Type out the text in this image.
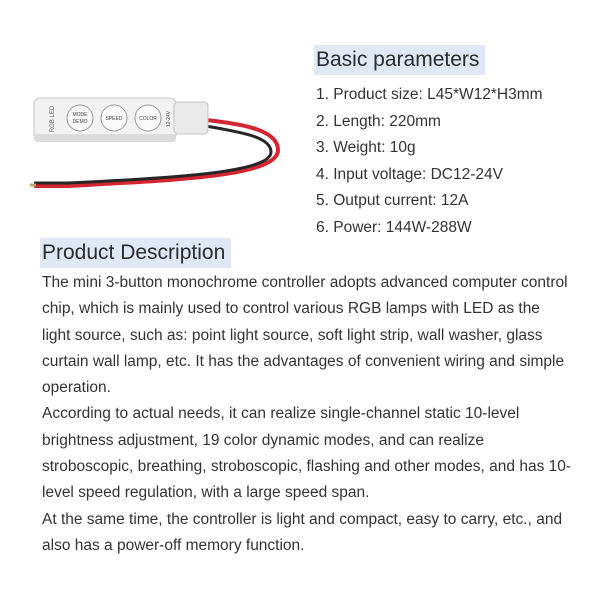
RGB LED	MODE
DEMO	SPEED	COLOR 12-24V
Basic parameters
1. Product size: L45*W12*H3mm
2. Length: 220mm
3. Weight: 10g
4. Input voltage: DC12-24V
5. Output current: 12A
6. Power: 144W-288W
Product Description

The mini 3-button monochrome controller adopts advanced computer control chip, which is mainly used to control various RGB lamps with LED as the light source, such as: point light source, soft light strip, wall washer, glass curtain wall lamp, etc. It has the advantages of convenient wiring and simple operation.

According to actual needs, it can realize single-channel static 10-level brightness adjustment, 19 color dynamic modes, and can realize stroboscopic, breathing, stroboscopic, flashing and other modes, and has 10-level speed regulation, with a large speed span.

At the same time, the controller is light and compact, easy to carry, etc., and also has a power-off memory function.
